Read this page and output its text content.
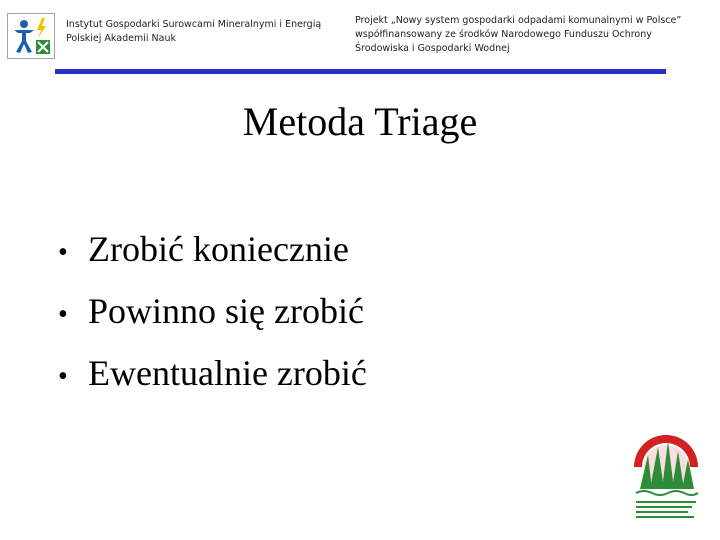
Instytut Gospodarki Surowcami Mineralnymi i Energią
Polskiej Akademii Nauk
Projekt „Nowy system gospodarki odpadami komunalnymi w Polsce”
współfinansowany ze środków Narodowego Funduszu Ochrony
Środowiska i Gospodarki Wodnej
Metoda Triage
• Zrobić koniecznie
• Powinno się zrobić
• Ewentualnie zrobić
